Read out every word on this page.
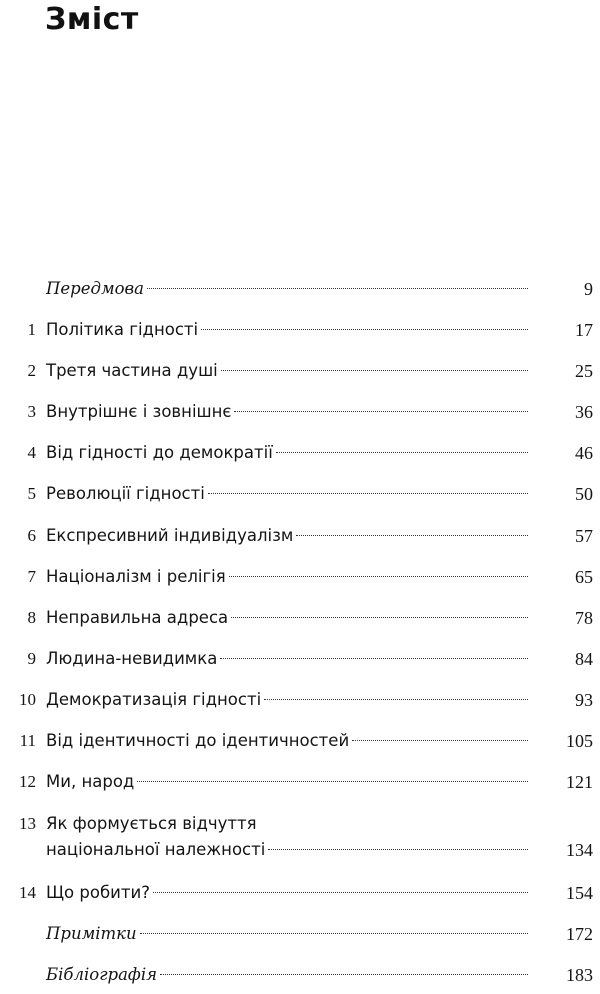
Зміст
Передмова	9
1 Політика гідності	17
2 Третя частина душі	25
3 Внутрішнє і зовнішнє	36
4 Від гідності до демократії	46
5 Революції гідності	50
6 Експресивний індивідуалізм	57
7 Націоналізм і релігія	65
8 Неправильна адреса	78
9 Людина-невидимка	84
10 Демократизація гідності	93
11 Від ідентичності до ідентичностей	105
12 Ми, народ	121
13 Як формується відчуття
національної належності	134
14 Що робити?	154
Примітки	172
Бібліографія	183
